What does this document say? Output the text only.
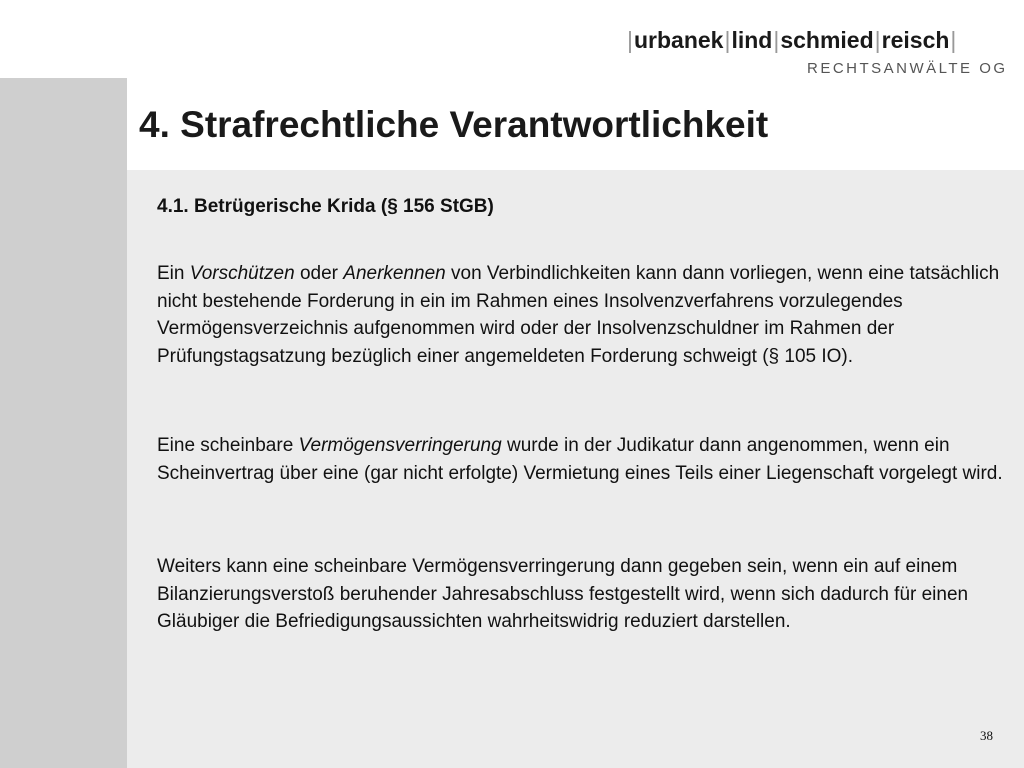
|urbanek|lind|schmied|reisch|
RECHTSANWÄLTE OG
4. Strafrechtliche Verantwortlichkeit
4.1. Betrügerische Krida (§ 156 StGB)

Ein Vorschützen oder Anerkennen von Verbindlichkeiten kann dann vorliegen, wenn eine tatsächlich nicht bestehende Forderung in ein im Rahmen eines Insolvenzverfahrens vorzulegendes Vermögensverzeichnis aufgenommen wird oder der Insolvenzschuldner im Rahmen der Prüfungstagsatzung bezüglich einer angemeldeten Forderung schweigt (§ 105 IO).

Eine scheinbare Vermögensverringerung wurde in der Judikatur dann angenommen, wenn ein Scheinvertrag über eine (gar nicht erfolgte) Vermietung eines Teils einer Liegenschaft vorgelegt wird.

Weiters kann eine scheinbare Vermögensverringerung dann gegeben sein, wenn ein auf einem Bilanzierungsverstoß beruhender Jahresabschluss festgestellt wird, wenn sich dadurch für einen Gläubiger die Befriedigungsaussichten wahrheitswidrig reduziert darstellen.

38
